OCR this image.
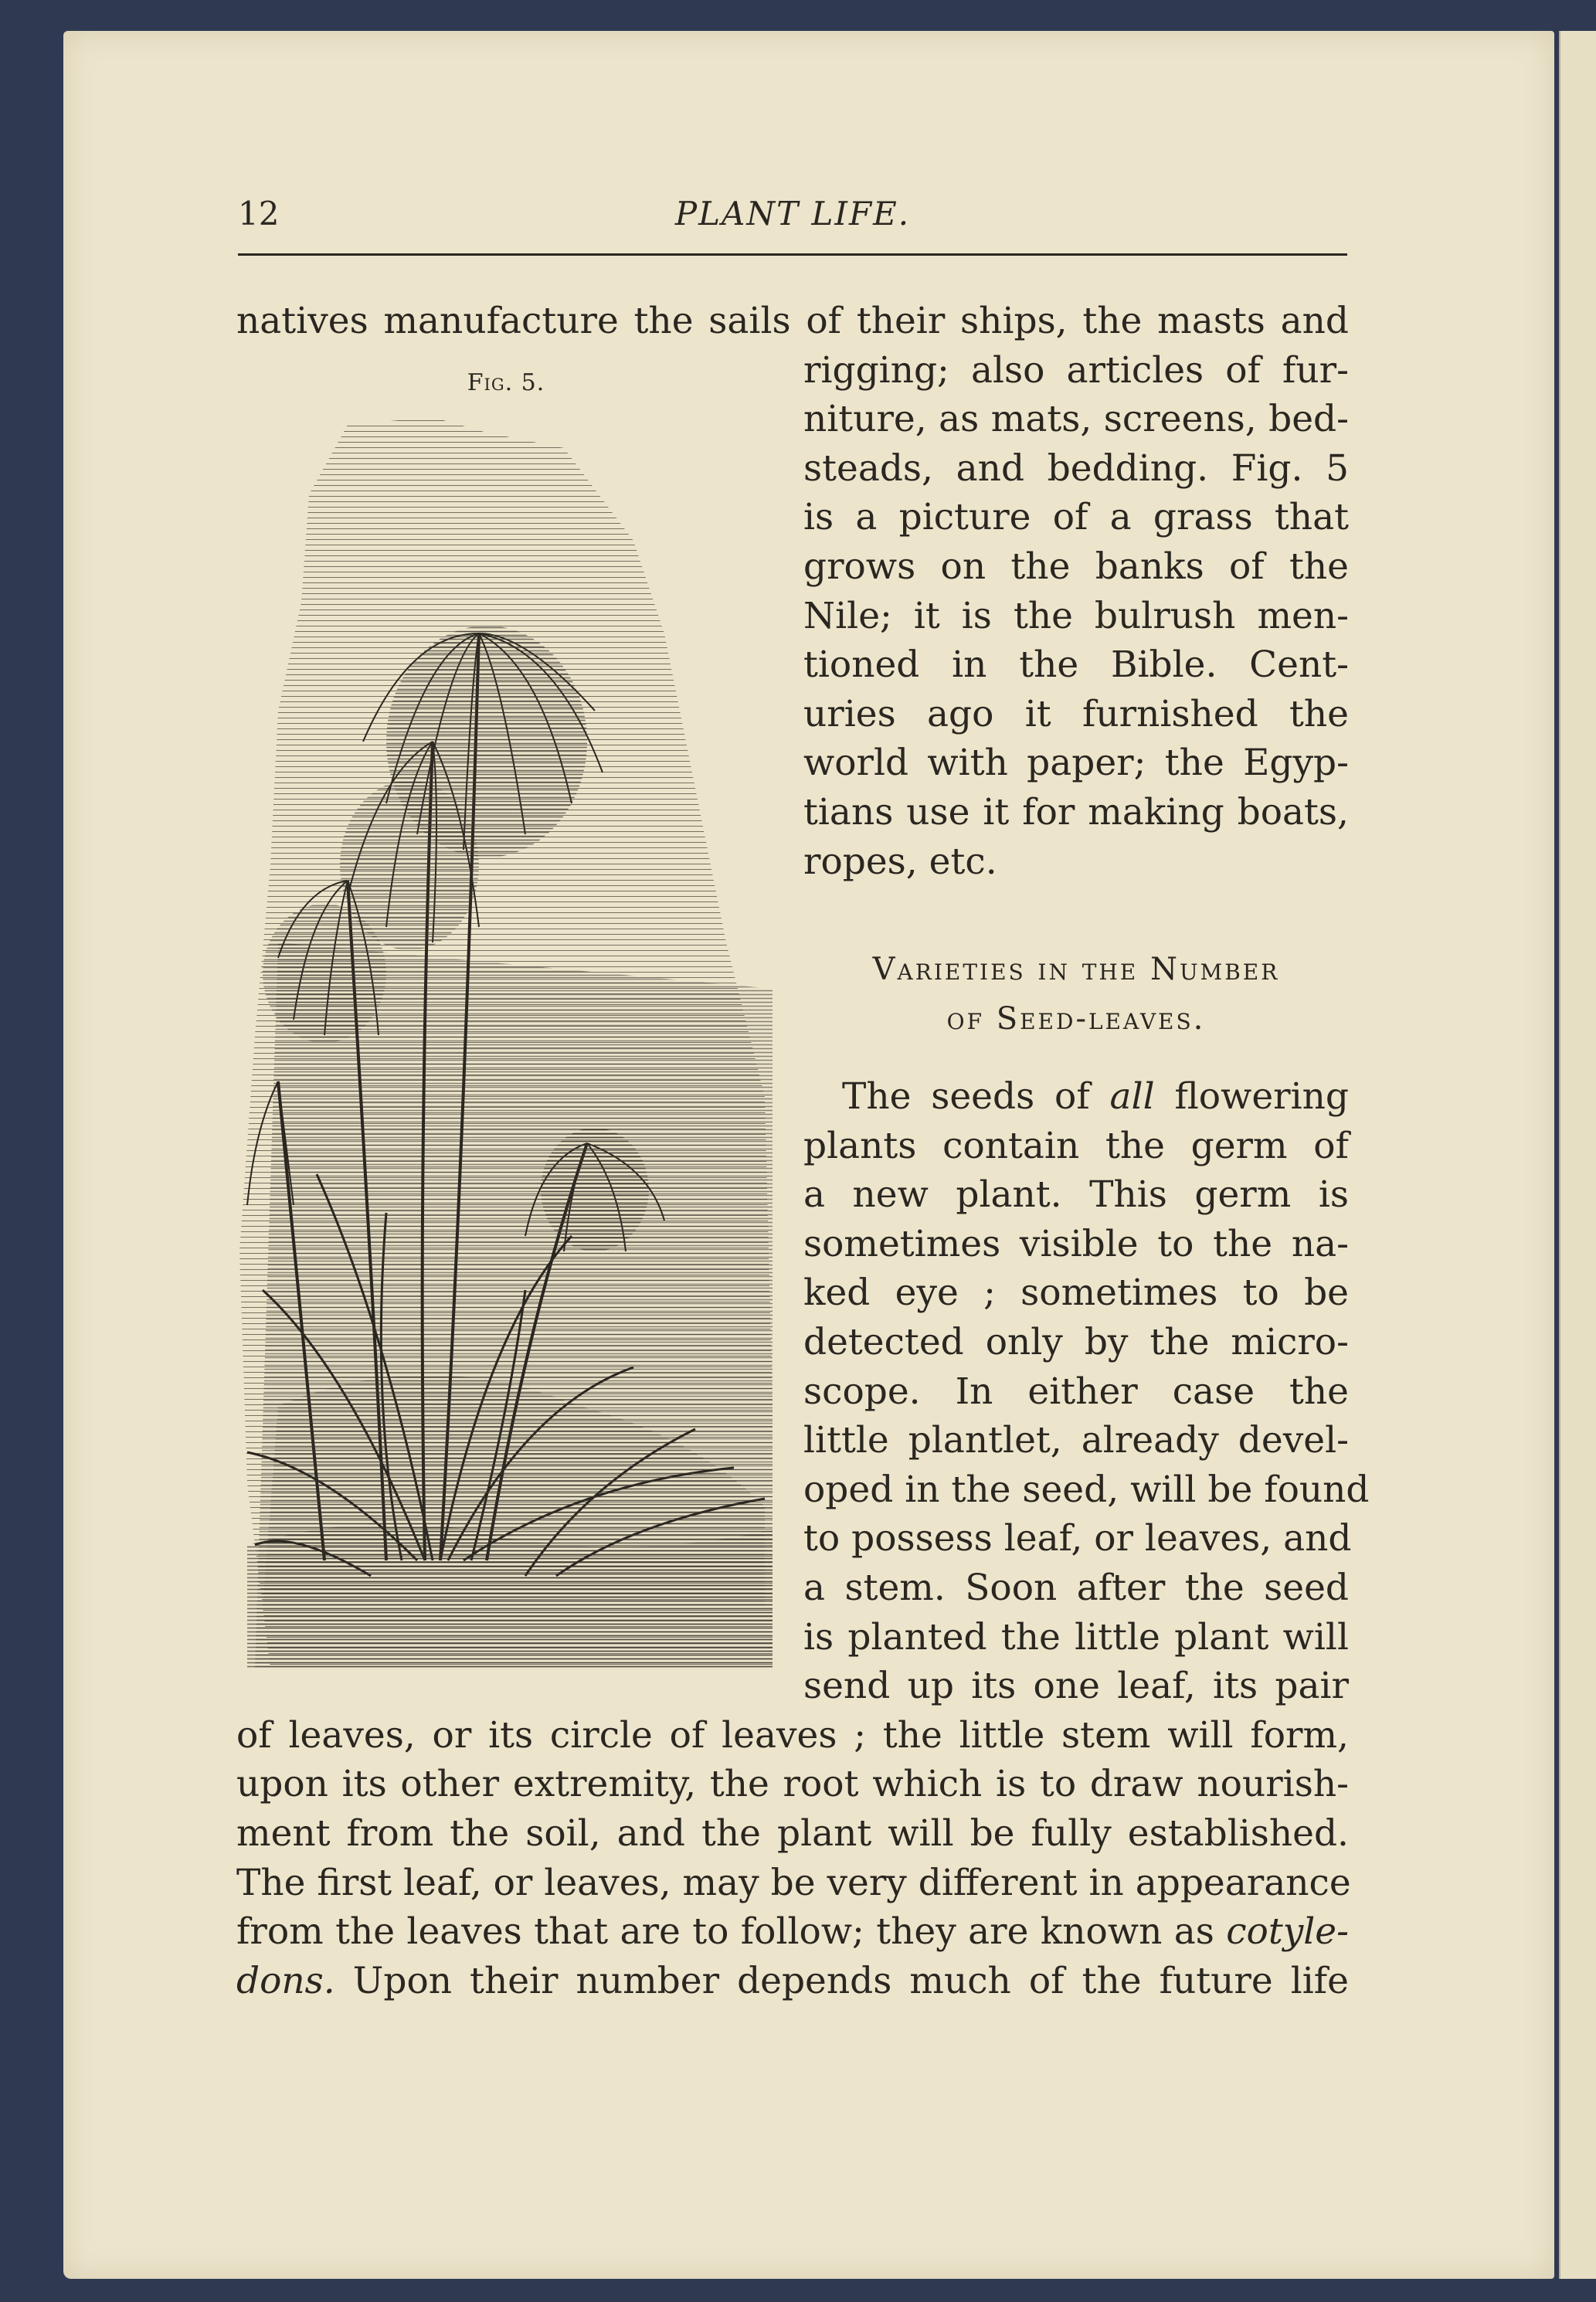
12	PLANT LIFE.
natives manufacture the sails of their ships, the masts and
Fig. 5.	rigging; also articles of fur-
niture, as mats, screens, bed-
steads, and bedding. Fig. 5
is a picture of a grass that
grows on the banks of the
Nile; it is the bulrush men-
tioned in the Bible. Cent-
uries ago it furnished the
world with paper; the Egyp-
tians use it for making boats,
ropes, etc.
Varieties in the Number
of Seed-leaves.
The seeds of all flowering
plants contain the germ of
a new plant. This germ is
sometimes visible to the na-
ked eye ; sometimes to be
detected only by the micro-
scope. In either case the
little plantlet, already devel-
oped in the seed, will be found
to possess leaf, or leaves, and
a stem. Soon after the seed
is planted the little plant will
send up its one leaf, its pair
of leaves, or its circle of leaves ; the little stem will form,
upon its other extremity, the root which is to draw nourish-
ment from the soil, and the plant will be fully established.
The first leaf, or leaves, may be very different in appearance
from the leaves that are to follow; they are known as cotyle-
dons. Upon their number depends much of the future life
